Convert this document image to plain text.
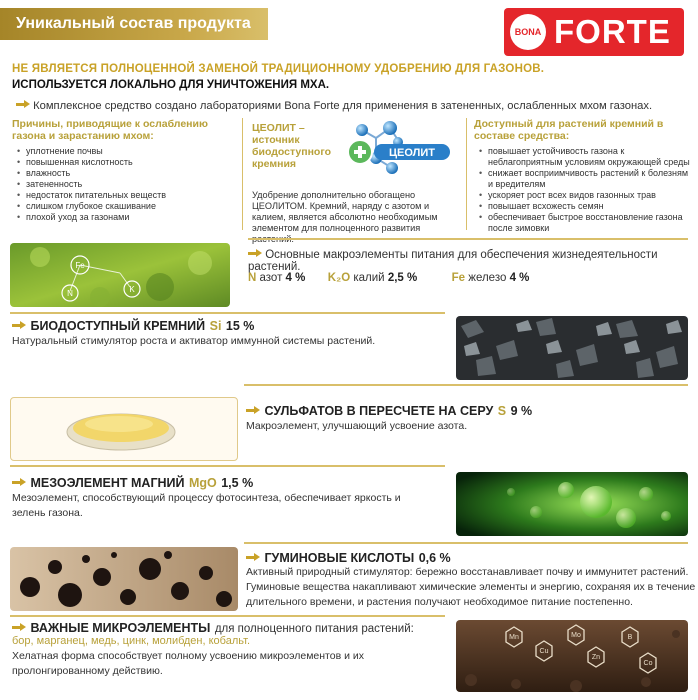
Уникальный состав продукта	BONA FORTE
НЕ ЯВЛЯЕТСЯ ПОЛНОЦЕННОЙ ЗАМЕНОЙ ТРАДИЦИОННОМУ УДОБРЕНИЮ ДЛЯ ГАЗОНОВ.
ИСПОЛЬЗУЕТСЯ ЛОКАЛЬНО ДЛЯ УНИЧТОЖЕНИЯ МХА.
Комплексное средство создано лабораториями Bona Forte для применения в затененных, ослабленных мхом газонах.
Причины, приводящие к ослаблению газона и зарастанию мхом:
• уплотнение почвы
• повышенная кислотность
• влажность
• затененность
• недостаток питательных веществ
• слишком глубокое скашивание
• плохой уход за газонами
ЦЕОЛИТ – источник биодоступного кремния
ЦЕОЛИТ
Удобрение дополнительно обогащено ЦЕОЛИТОМ. Кремний, наряду с азотом и калием, является абсолютно необходимым элементом для полноценного развития
Доступный для растений кремний в составе средства:
• повышает устойчивость газона к неблагоприятным условиям окружающей среды
• снижает восприимчивость растений к болезням и вредителям
• ускоряет рост всех видов газонных трав
• повышает всхожесть семян
• обеспечивает быстрое восстановление газона после зимовки
Fe
N	K
Основные макроэлементы питания для обеспечения жизнедеятельности растений.
N азот 4 % K₂O калий 2,5 %	Fe железо 4 %
БИОДОСТУПНЫЙ КРЕМНИЙ Si 15 %
Натуральный стимулятор роста и активатор иммунной системы растений.
СУЛЬФАТОВ В ПЕРЕСЧЕТЕ НА СЕРУ S 9 %
Макроэлемент, улучшающий усвоение азота.
МЕЗОЭЛЕМЕНТ МАГНИЙ MgO 1,5 %
Мезоэлемент, способствующий процессу фотосинтеза, обеспечивает яркость и
зелень газона.
ГУМИНОВЫЕ КИСЛОТЫ 0,6 %
Активный природный стимулятор: бережно восстанавливает почву и иммунитет растений.
Гуминовые вещества накапливают химические элементы и энергию, сохраняя их в течение
длительного времени, и растения получают необходимое питание постепенно.
ВАЖНЫЕ МИКРОЭЛЕМЕНТЫ для полноценного питания растений:
бор, марганец, медь, цинк, молибден, кобальт.
Хелатная форма способствует полному усвоению микроэлементов и их
пролонгированному действию.
Mn
Cu
Mo
Zn
B
Co
